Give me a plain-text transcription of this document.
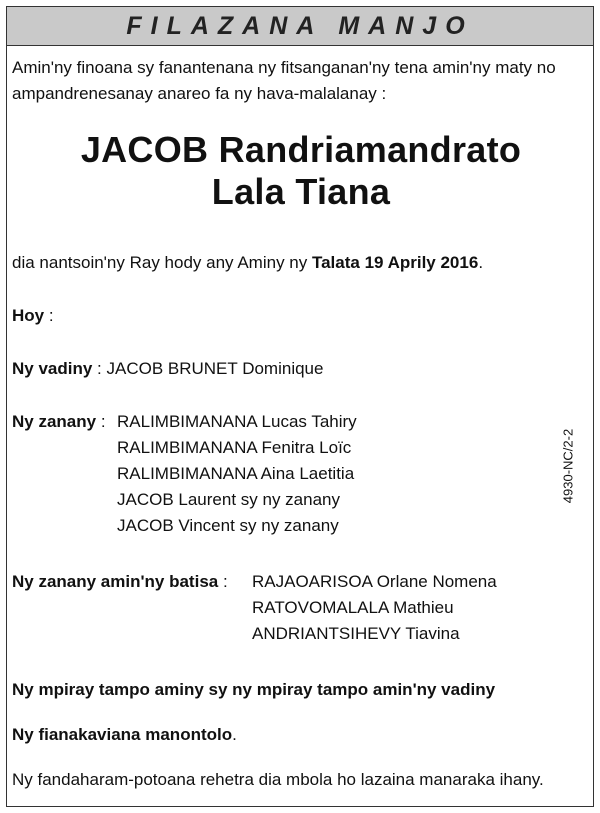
FILAZANA MANJO
Amin'ny finoana sy fanantenana ny fitsanganan'ny tena amin'ny maty no ampandrenesanay anareo fa ny hava-malalanay :
JACOB Randriamandrato
Lala Tiana
dia nantsoin'ny Ray hody any Aminy ny Talata 19 Aprily 2016.
Hoy :
Ny vadiny : JACOB BRUNET Dominique
Ny zanany : RALIMBIMANANA Lucas Tahiry
RALIMBIMANANA Fenitra Loïc
RALIMBIMANANA Aina Laetitia
JACOB Laurent sy ny zanany
JACOB Vincent sy ny zanany
Ny zanany amin'ny batisa : RAJAOARISOA Orlane Nomena
RATOVOMALALA Mathieu
ANDRIANTSIHEVY Tiavina
Ny mpiray tampo aminy sy ny mpiray tampo amin'ny vadiny
Ny fianakaviana manontolo.
Ny fandaharam-potoana rehetra dia mbola ho lazaina manaraka ihany.
4930-NC/2-2
